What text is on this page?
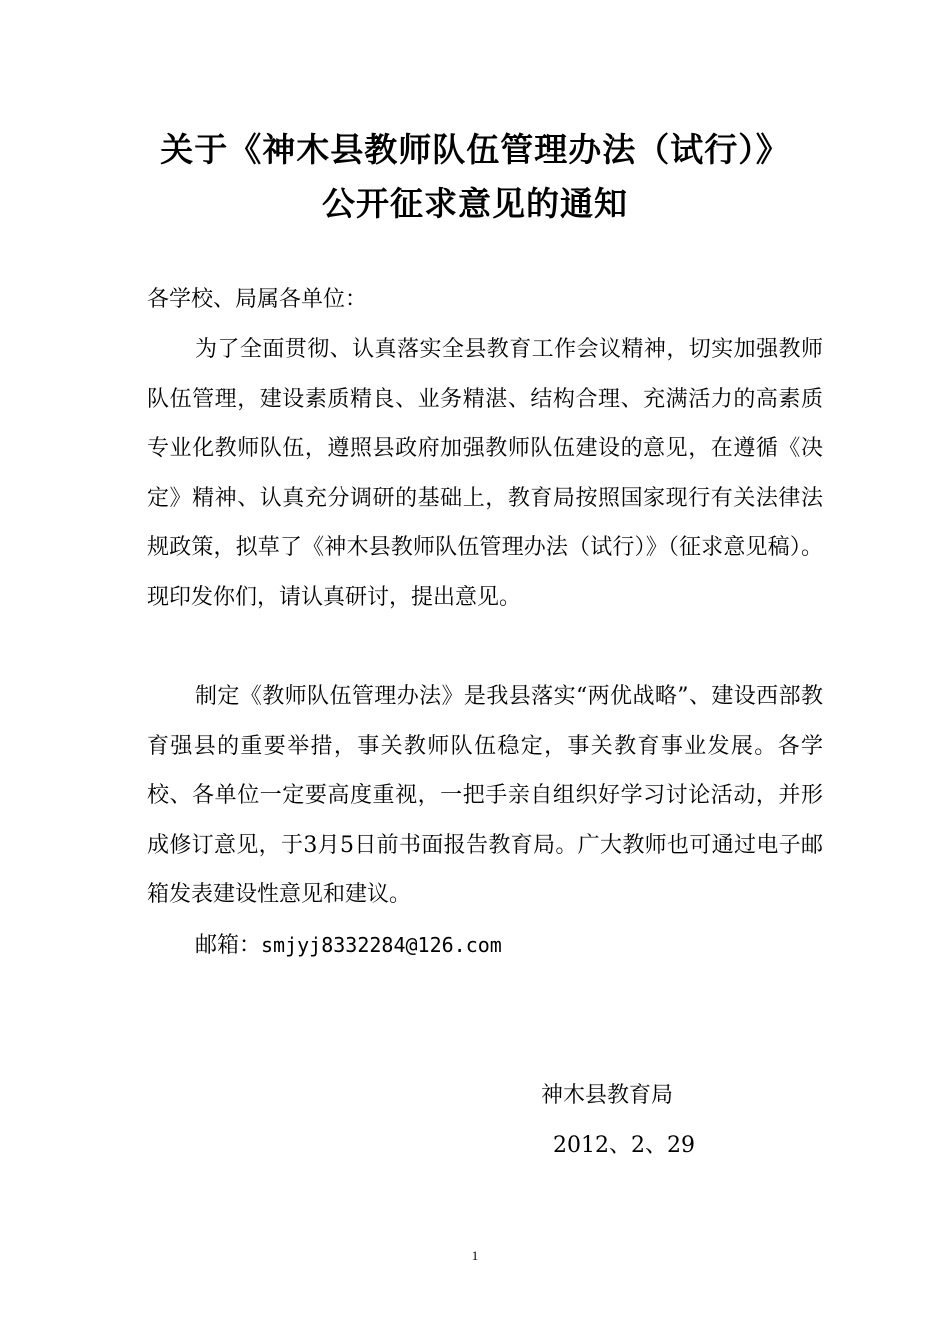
关于《神木县教师队伍管理办法（试行）》
公开征求意见的通知
各学校、局属各单位：

为了全面贯彻、认真落实全县教育工作会议精神，切实加强教师队伍管理，建设素质精良、业务精湛、结构合理、充满活力的高素质专业化教师队伍，遵照县政府加强教师队伍建设的意见，在遵循《决定》精神、认真充分调研的基础上，教育局按照国家现行有关法律法规政策，拟草了《神木县教师队伍管理办法（试行）》（征求意见稿）。现印发你们，请认真研讨，提出意见。

制定《教师队伍管理办法》是我县落实“两优战略”、建设西部教育强县的重要举措，事关教师队伍稳定，事关教育事业发展。各学校、各单位一定要高度重视，一把手亲自组织好学习讨论活动，并形成修订意见，于3月5日前书面报告教育局。广大教师也可通过电子邮箱发表建设性意见和建议。

邮箱：smjyj8332284@126.com
神木县教育局
2012、2、29
1
